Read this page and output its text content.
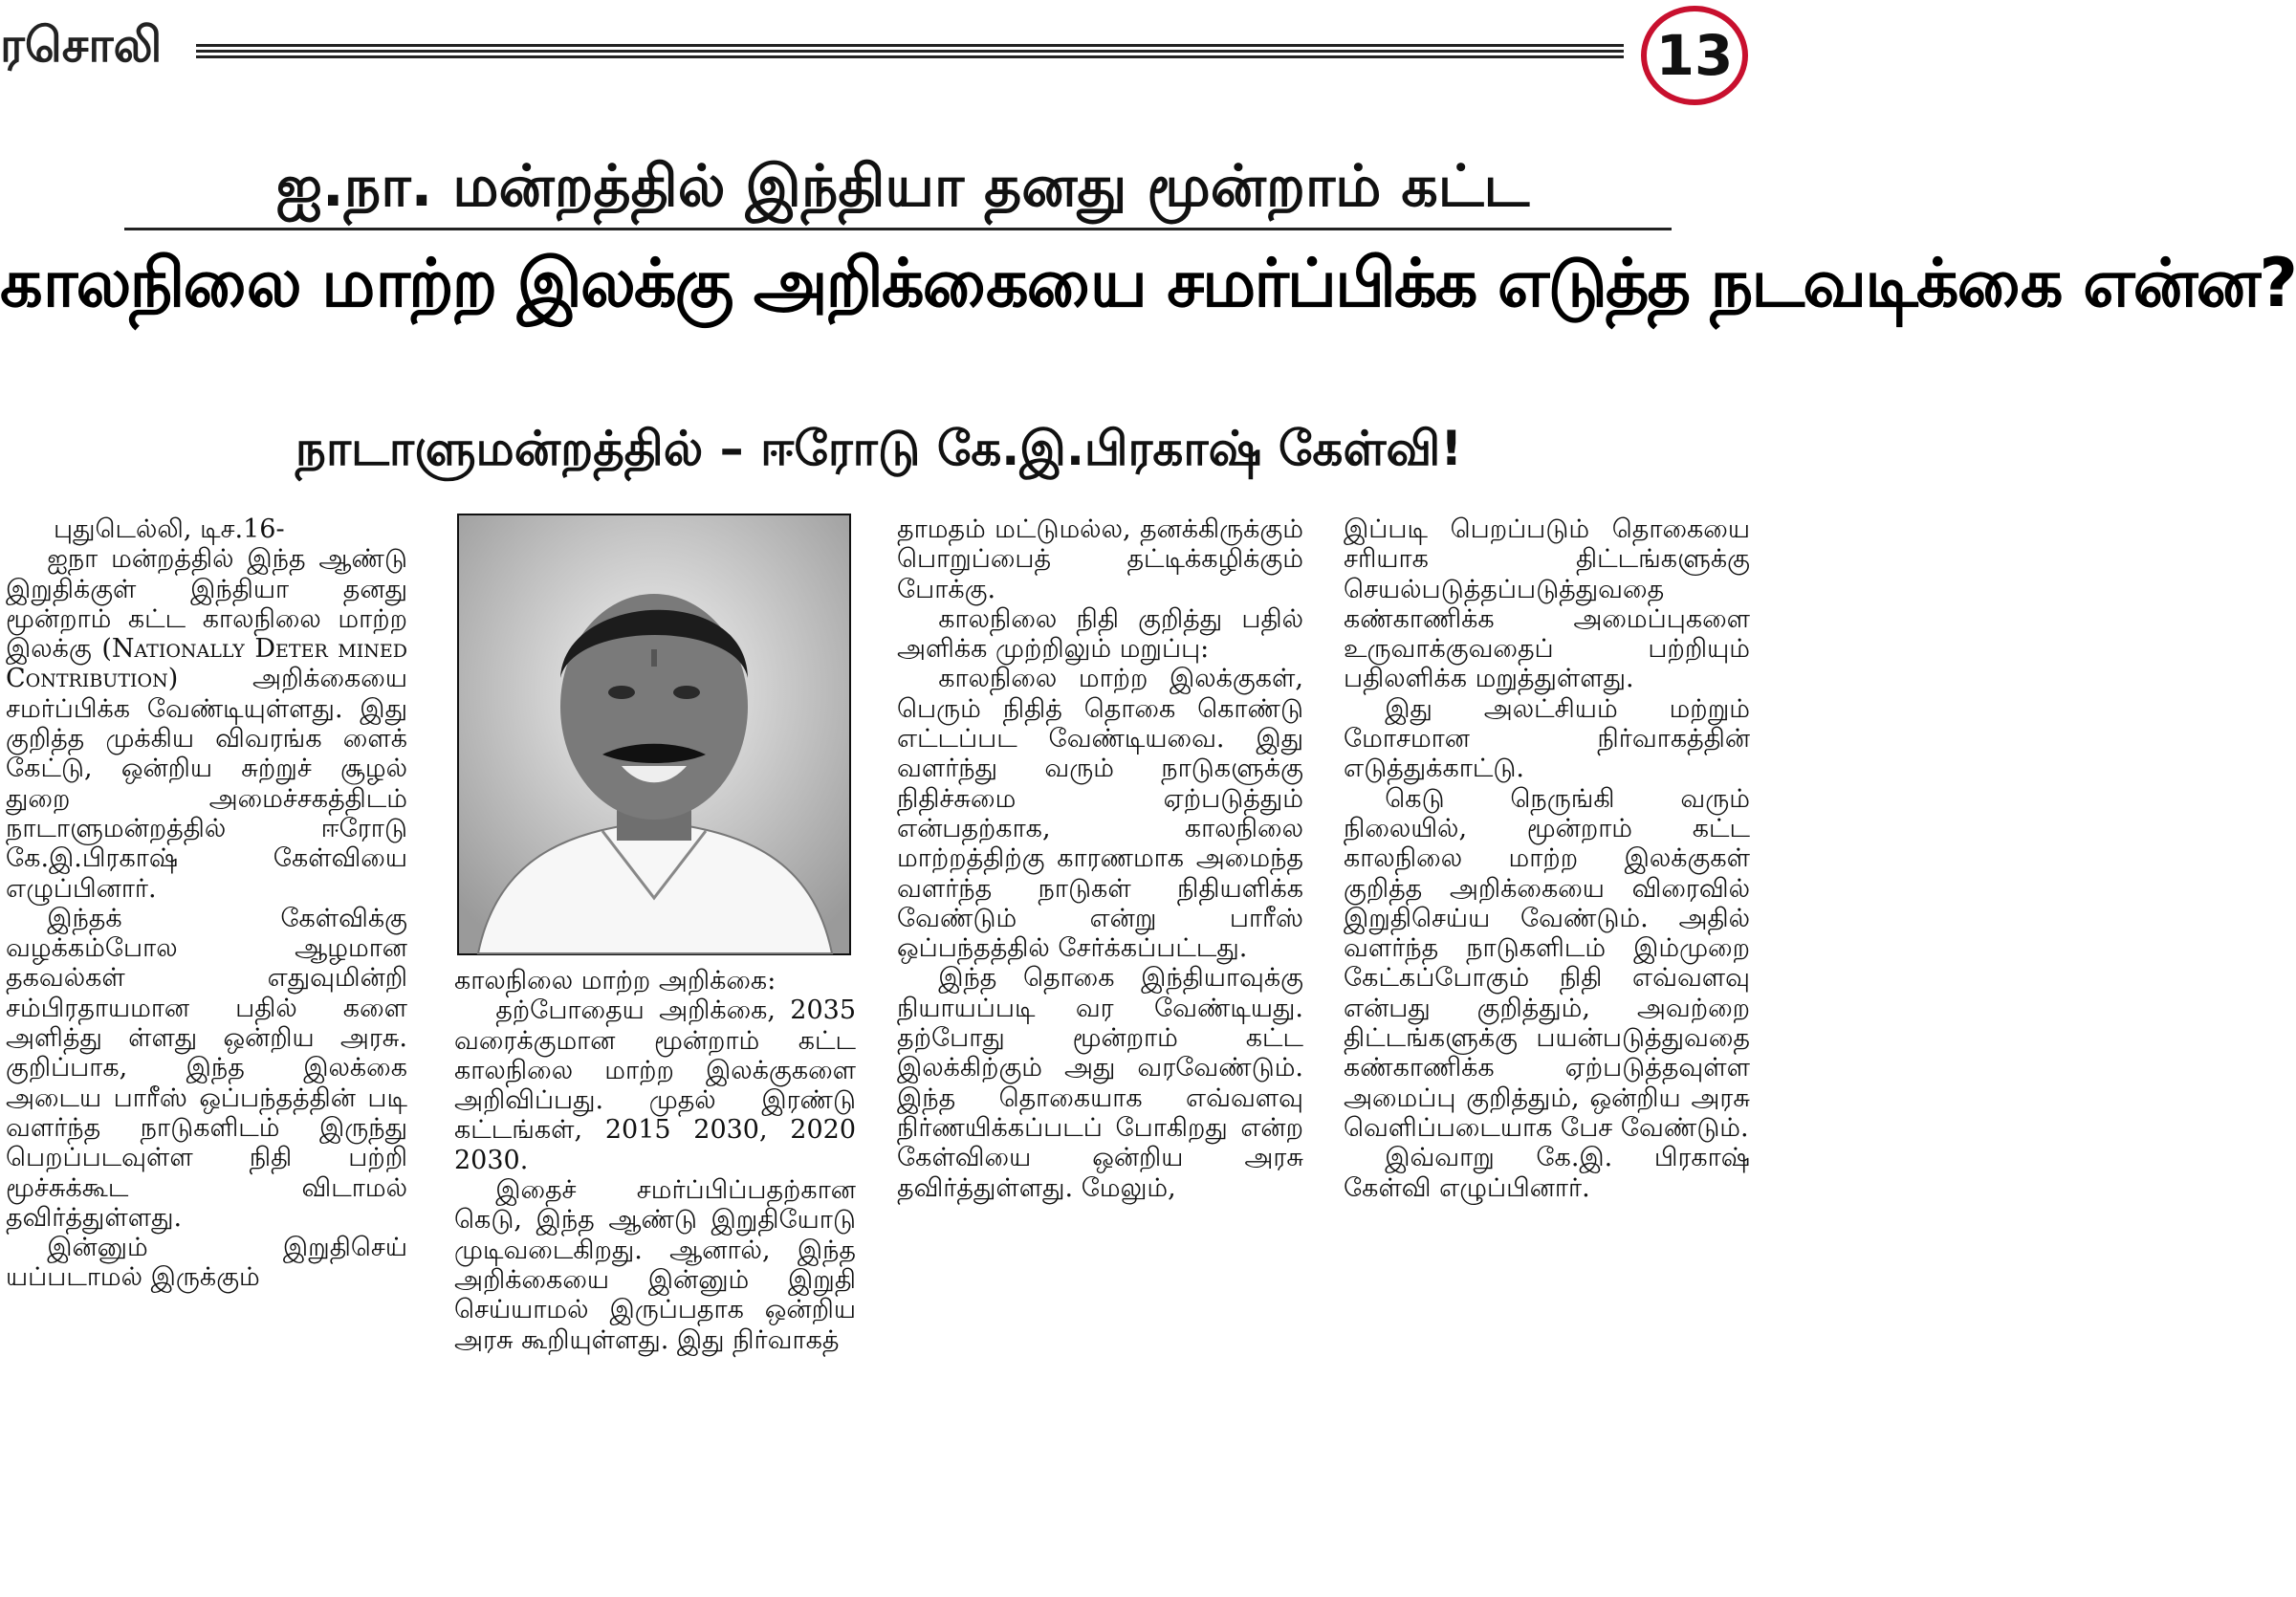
ரசொலி	13
ஐ.நா. மன்றத்தில் இந்தியா தனது மூன்றாம் கட்ட
காலநிலை மாற்ற இலக்கு அறிக்கையை சமர்ப்பிக்க எடுத்த நடவடிக்கை என்ன?
நாடாளுமன்றத்தில் – ஈரோடு கே.இ.பிரகாஷ் கேள்வி!

புதுடெல்லி, டிச.16-

ஐநா மன்றத்தில் இந்த ஆண்டு இறுதிக்குள் இந்தியா தனது மூன்றாம் கட்ட காலநிலை மாற்ற இலக்கு (Nationally Deter mined Contribution) அறிக்கையை சமர்ப்பிக்க வேண்டியுள்ளது. இது குறித்த முக்கிய விவரங்க ளைக் கேட்டு, ஒன்றிய சுற்றுச் சூழல் துறை அமைச்சகத்திடம் நாடாளுமன்றத்தில் ஈரோடு கே.இ.பிரகாஷ் கேள்வியை எழுப்பினார்.

இந்தக் கேள்விக்கு வழக்கம்போல ஆழமான தகவல்கள் எதுவுமின்றி சம்பிரதாயமான பதில் களை அளித்து ள்ளது ஒன்றிய அரசு. குறிப்பாக, இந்த இலக்கை அடைய பாரீஸ் ஒப்பந்தத்தின் படி வளர்ந்த நாடுகளிடம் இருந்து பெறப்படவுள்ள நிதி பற்றி மூச்சுக்கூட விடாமல் தவிர்த்துள்ளது.

இன்னும் இறுதிசெய் யப்படாமல் இருக்கும்

காலநிலை மாற்ற அறிக்கை:

தற்போதைய அறிக்கை, 2035 வரைக்குமான மூன்றாம் கட்ட காலநிலை மாற்ற இலக்குகளை அறிவிப்பது. முதல் இரண்டு கட்டங்கள், 2015 2030, 2020 2030.

இதைச் சமர்ப்பிப்பதற்கான கெடு, இந்த ஆண்டு இறுதியோடு முடிவடைகிறது. ஆனால், இந்த அறிக்கையை இன்னும் இறுதி செய்யாமல் இருப்பதாக ஒன்றிய அரசு கூறியுள்ளது. இது நிர்வாகத்

தாமதம் மட்டுமல்ல, தனக்கிருக்கும் பொறுப்பைத் தட்டிக்கழிக்கும் போக்கு.

காலநிலை நிதி குறித்து பதில் அளிக்க முற்றிலும் மறுப்பு:

காலநிலை மாற்ற இலக்குகள், பெரும் நிதித் தொகை கொண்டு எட்டப்பட வேண்டியவை. இது வளர்ந்து வரும் நாடுகளுக்கு நிதிச்சுமை ஏற்படுத்தும் என்பதற்காக, காலநிலை மாற்றத்திற்கு காரணமாக அமைந்த வளர்ந்த நாடுகள் நிதியளிக்க வேண்டும் என்று பாரீஸ் ஒப்பந்தத்தில் சேர்க்கப்பட்டது.

இந்த தொகை இந்தியாவுக்கு நியாயப்படி வர வேண்டியது. தற்போது மூன்றாம் கட்ட இலக்கிற்கும் அது வரவேண்டும். இந்த தொகையாக எவ்வளவு நிர்ணயிக்கப்படப் போகிறது என்ற கேள்வியை ஒன்றிய அரசு தவிர்த்துள்ளது. மேலும்,

இப்படி பெறப்படும் தொகையை சரியாக திட்டங்களுக்கு செயல்படுத்தப்படுத்துவதை கண்காணிக்க அமைப்புகளை உருவாக்குவதைப் பற்றியும் பதிலளிக்க மறுத்துள்ளது.

இது அலட்சியம் மற்றும் மோசமான நிர்வாகத்தின் எடுத்துக்காட்டு.

கெடு நெருங்கி வரும் நிலையில், மூன்றாம் கட்ட காலநிலை மாற்ற இலக்குகள் குறித்த அறிக்கையை விரைவில் இறுதிசெய்ய வேண்டும். அதில் வளர்ந்த நாடுகளிடம் இம்முறை கேட்கப்போகும் நிதி எவ்வளவு என்பது குறித்தும், அவற்றை திட்டங்களுக்கு பயன்படுத்துவதை கண்காணிக்க ஏற்படுத்தவுள்ள அமைப்பு குறித்தும், ஒன்றிய அரசு வெளிப்படையாக பேச வேண்டும்.

இவ்வாறு கே.இ. பிரகாஷ் கேள்வி எழுப்பினார்.
